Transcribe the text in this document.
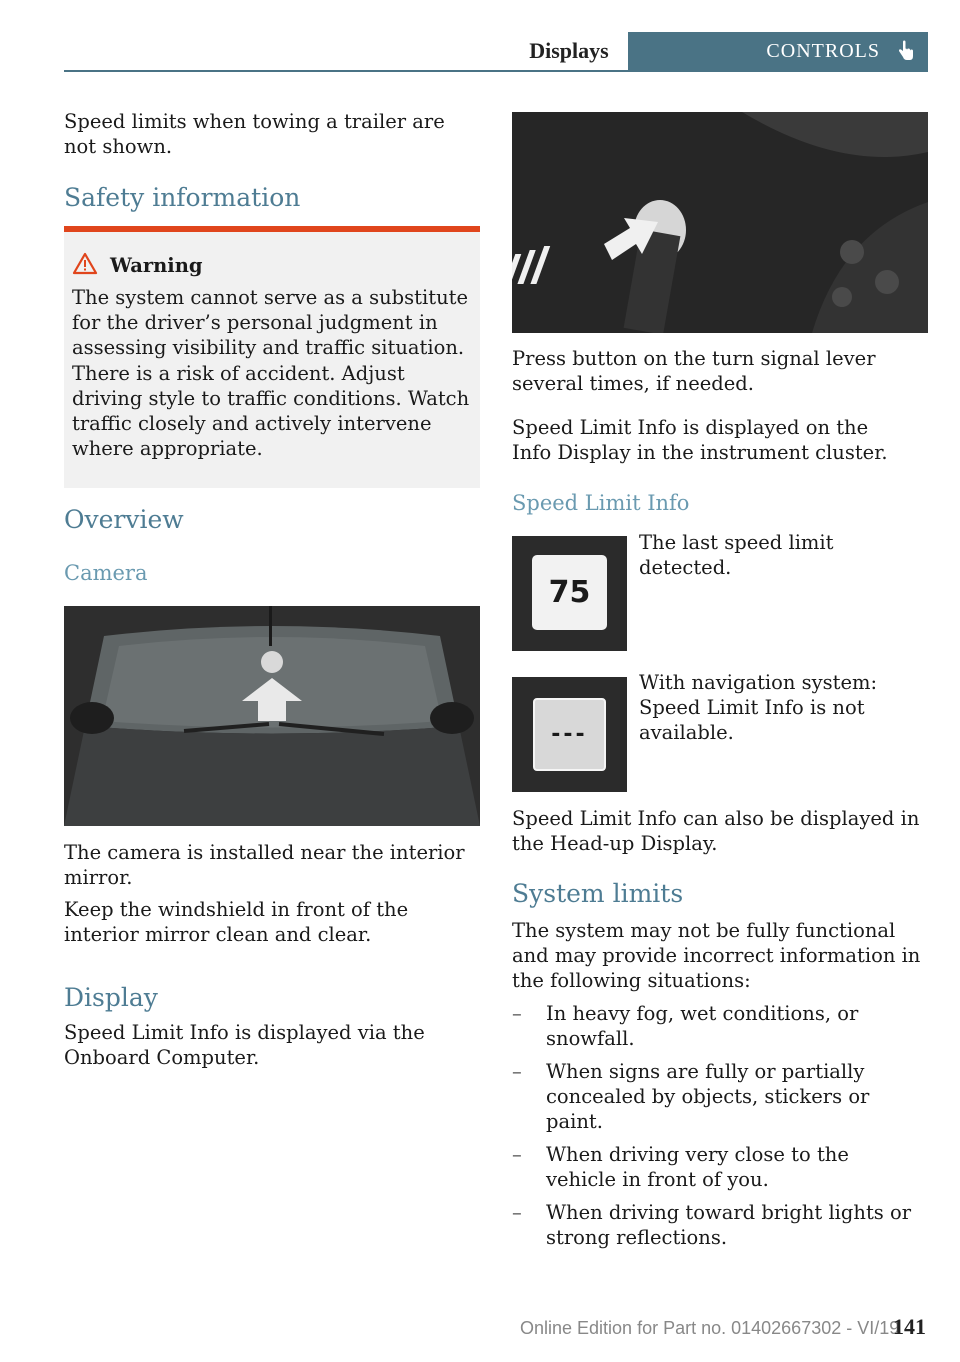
Displays	CONTROLS
Speed limits when towing a trailer are not shown.
Safety information
Warning
The system cannot serve as a substitute for the driver’s personal judgment in assessing visibility and traffic situation. There is a risk of accident. Adjust driving style to traffic conditions. Watch traffic closely and actively intervene where appropriate.
Overview
Camera
The camera is installed near the interior mirror.
Keep the windshield in front of the interior mirror clean and clear.
Display
Speed Limit Info is displayed via the Onboard Computer.
Press button on the turn signal lever several times, if needed.
Speed Limit Info is displayed on the Info Display in the instrument cluster.
Speed Limit Info
75
The last speed limit detected.
---
With navigation system: Speed Limit Info is not available.
Speed Limit Info can also be displayed in the Head-up Display.
System limits
The system may not be fully functional and may provide incorrect information in the following situations:
– In heavy fog, wet conditions, or snowfall.
– When signs are fully or partially concealed by objects, stickers or paint.
– When driving very close to the vehicle in front of you.
– When driving toward bright lights or strong reflections.
Online Edition for Part no. 01402667302 - VI/19
141
